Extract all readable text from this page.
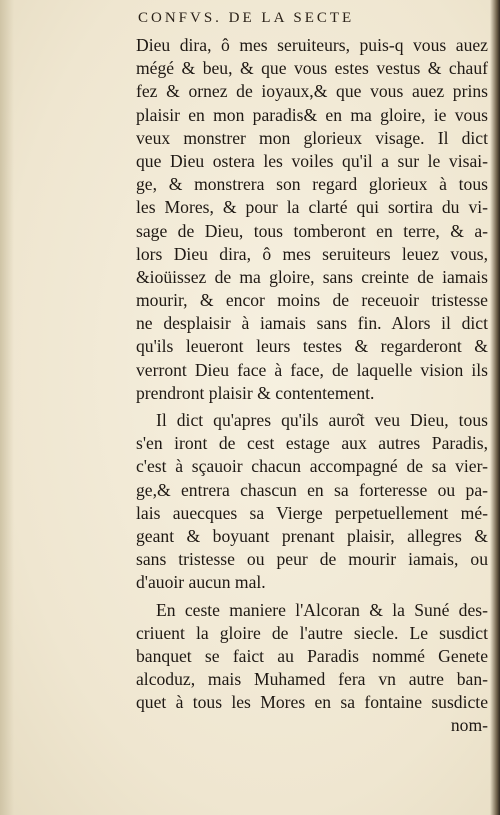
CONFVS. DE LA SECTE
Dieu dira, ô mes seruiteurs, puis-q vous auez
mégé & beu, & que vous estes vestus & chauf
fez & ornez de ioyaux,& que vous auez prins
plaisir en mon paradis& en ma gloire, ie vous
veux monstrer mon glorieux visage. Il dict
que Dieu ostera les voiles qu'il a sur le visai-
ge, & monstrera son regard glorieux à tous
les Mores, & pour la clarté qui sortira du vi-
sage de Dieu, tous tomberont en terre, & a-
lors Dieu dira, ô mes seruiteurs leuez vous,
&ioüissez de ma gloire, sans creinte de iamais
mourir, & encor moins de receuoir tristesse
ne desplaisir à iamais sans fin. Alors il dict
qu'ils leueront leurs testes & regarderont &
verront Dieu face à face, de laquelle vision ils
prendront plaisir & contentement.
Il dict qu'apres qu'ils auro͂t veu Dieu, tous
s'en iront de cest estage aux autres Paradis,
c'est à sçauoir chacun accompagné de sa vier-
ge,& entrera chascun en sa forteresse ou pa-
lais auecques sa Vierge perpetuellement mé-
geant & boyuant prenant plaisir, allegres &
sans tristesse ou peur de mourir iamais, ou
d'auoir aucun mal.
En ceste maniere l'Alcoran & la Suné des-
criuent la gloire de l'autre siecle. Le susdict
banquet se faict au Paradis nommé Genete
alcoduz, mais Muhamed fera vn autre ban-
quet à tous les Mores en sa fontaine susdicte
nom-
